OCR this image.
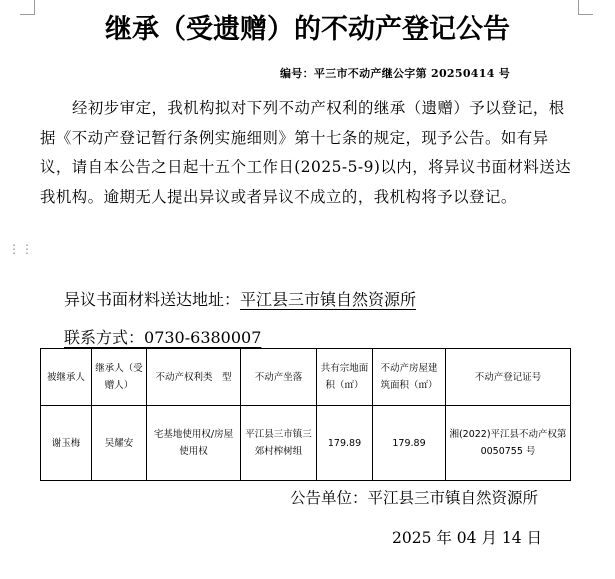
⋮⋮
继承（受遗赠）的不动产登记公告
编号：平三市不动产继公字第 20250414 号
经初步审定，我机构拟对下列不动产权利的继承（遗赠）予以登记，根据《不动产登记暂行条例实施细则》第十七条的规定，现予公告。如有异议，请自本公告之日起十五个工作日(2025-5-9)以内，将异议书面材料送达我机构。逾期无人提出异议或者异议不成立的，我机构将予以登记。
异议书面材料送达地址：平江县三市镇自然资源所
联系方式：0730-6380007
被继承人	继承人（受赠人）	不动产权利类　型	不动产坐落	共有宗地面积（㎡）	不动产房屋建筑面积（㎡）	不动产登记证号
谢玉梅	吴耀安	宅基地使用权/房屋使用权	平江县三市镇三郊村榨树组	179.89	179.89	湘(2022)平江县不动产权第 0050755 号
公告单位：平江县三市镇自然资源所
2025 年 04 月 14 日
